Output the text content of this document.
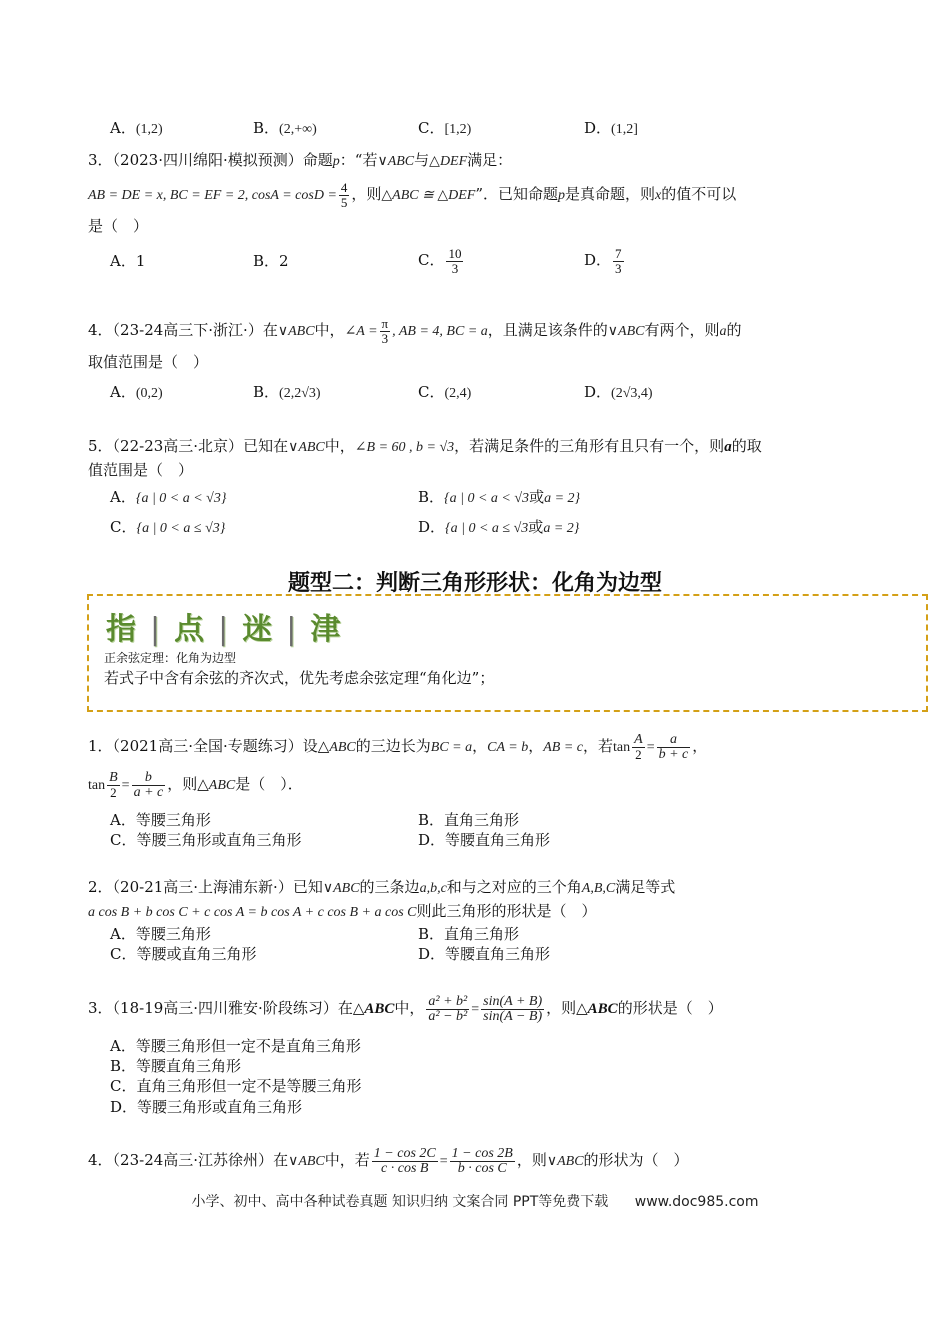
A．(1,2)	B．(2,+∞)	C．[1,2)	D．(1,2]
3．（2023·四川绵阳·模拟预测）命题p：“若∨ABC与△DEF满足：
AB = DE = x, BC = EF = 2, $\cos A = \cos D = \frac{4}{5}$ ，则△ABC ≅ △DEF”．已知命题p是真命题，则x的值不可以
是（　）
A．1	B．2	C． $\frac{10}{3}$	D． $\frac{7}{3}$
4．（23-24高三下·浙江·）在∨ABC中，∠A = $\frac{\pi}{3}$ , AB = 4, BC = a，且满足该条件的∨ABC有两个，则a的
取值范围是（　）
A．(0,2)	B．(2,2√3)	C．(2,4)	D．(2√3,4)
5．（22-23高三·北京）已知在∨ABC中，∠B = 60 , b = √3，若满足条件的三角形有且只有一个，则a的取
值范围是（　）
A．{a | 0 < a < √3}	B．{a | 0 < a < √3或a = 2}
C．{a | 0 < a ≤ √3}	D．{a | 0 < a ≤ √3或a = 2}
题型二：判断三角形形状：化角为边型
指 | 点 | 迷 | 津
正余弦定理：化角为边型
若式子中含有余弦的齐次式，优先考虑余弦定理“角化边”；
1．（2021高三·全国·专题练习）设△ABC的三边长为BC = a，CA = b，AB = c，若$\tan \frac{A}{2} = \frac{a}{b + c}$ ，
$\tan \frac{B}{2} = \frac{b}{a + c}$ ，则△ABC是（　）．
A．等腰三角形	B．直角三角形
C．等腰三角形或直角三角形	D．等腰直角三角形
2．（20-21高三·上海浦东新·）已知∨ABC的三条边a,b,c和与之对应的三个角A,B,C满足等式
a cos B + b cos C + c cos A = b cos A + c cos B + a cos C则此三角形的形状是（　）
A．等腰三角形	B．直角三角形
C．等腰或直角三角形	D．等腰直角三角形
3．（18-19高三·四川雅安·阶段练习）在△ABC中， $\frac{\text{a² + b²}}{\text{a² − b²}} = \frac{\sin(A + B)}{\sin(A - B)}$ ，则△ABC的形状是（　）
A．等腰三角形但一定不是直角三角形
B．等腰直角三角形
C．直角三角形但一定不是等腰三角形
D．等腰三角形或直角三角形
4．（23-24高三·江苏徐州）在∨ABC中，若 $\frac{1 - \cos 2C}{\text{c · cos B}} = \frac{1 - \cos 2B}{\text{b · cos C}}$ ，则∨ABC的形状为（　）
小学、初中、高中各种试卷真题 知识归纳 文案合同 PPT等免费下载 www.doc985.com
